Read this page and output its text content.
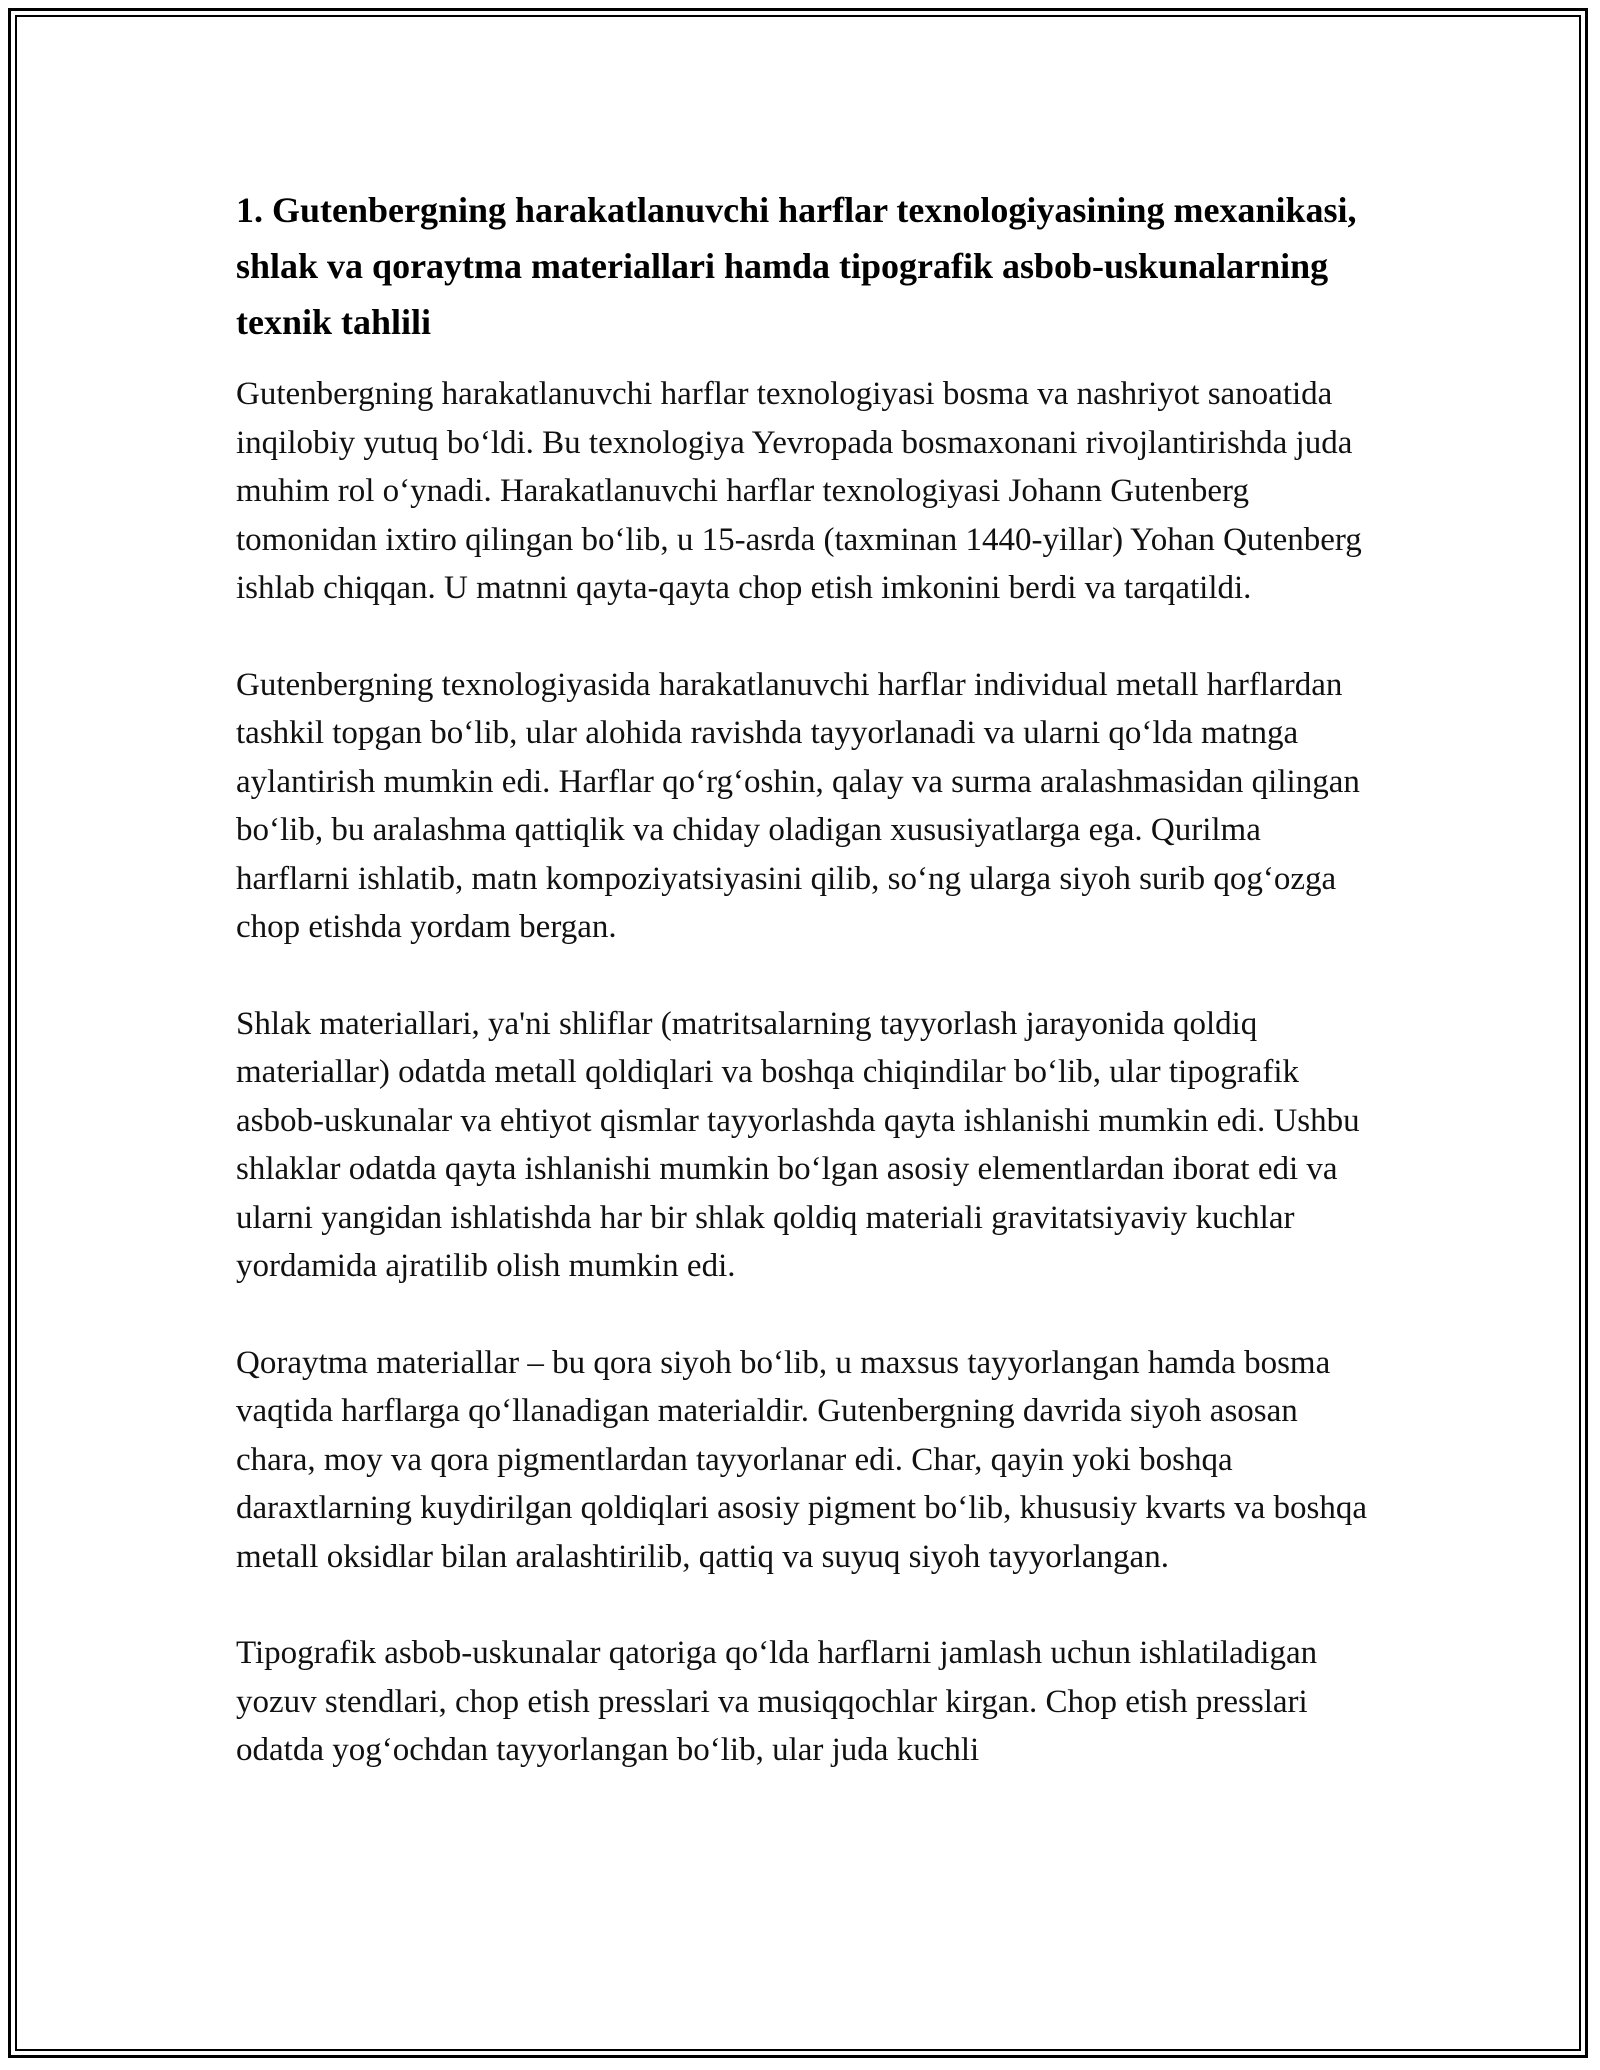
1. Gutenbergning harakatlanuvchi harflar texnologiyasining mexanikasi, shlak va qoraytma materiallari hamda tipografik asbob-uskunalarning texnik tahlili

Gutenbergning harakatlanuvchi harflar texnologiyasi bosma va nashriyot sanoatida inqilobiy yutuq bo‘ldi. Bu texnologiya Yevropada bosmaxonani rivojlantirishda juda muhim rol o‘ynadi. Harakatlanuvchi harflar texnologiyasi Johann Gutenberg tomonidan ixtiro qilingan bo‘lib, u 15-asrda (taxminan 1440-yillar) Yohan Qutenberg ishlab chiqqan. U matnni qayta-qayta chop etish imkonini berdi va tarqatildi.

Gutenbergning texnologiyasida harakatlanuvchi harflar individual metall harflardan tashkil topgan bo‘lib, ular alohida ravishda tayyorlanadi va ularni qo‘lda matnga aylantirish mumkin edi. Harflar qo‘rg‘oshin, qalay va surma aralashmasidan qilingan bo‘lib, bu aralashma qattiqlik va chiday oladigan xususiyatlarga ega. Qurilma harflarni ishlatib, matn kompoziyatsiyasini qilib, so‘ng ularga siyoh surib qog‘ozga chop etishda yordam bergan.

Shlak materiallari, ya'ni shliflar (matritsalarning tayyorlash jarayonida qoldiq materiallar) odatda metall qoldiqlari va boshqa chiqindilar bo‘lib, ular tipografik asbob-uskunalar va ehtiyot qismlar tayyorlashda qayta ishlanishi mumkin edi. Ushbu shlaklar odatda qayta ishlanishi mumkin bo‘lgan asosiy elementlardan iborat edi va ularni yangidan ishlatishda har bir shlak qoldiq materiali gravitatsiyaviy kuchlar yordamida ajratilib olish mumkin edi.

Qoraytma materiallar – bu qora siyoh bo‘lib, u maxsus tayyorlangan hamda bosma vaqtida harflarga qo‘llanadigan materialdir. Gutenbergning davrida siyoh asosan chara, moy va qora pigmentlardan tayyorlanar edi. Char, qayin yoki boshqa daraxtlarning kuydirilgan qoldiqlari asosiy pigment bo‘lib, khususiy kvarts va boshqa metall oksidlar bilan aralashtirilib, qattiq va suyuq siyoh tayyorlangan.

Tipografik asbob-uskunalar qatoriga qo‘lda harflarni jamlash uchun ishlatiladigan yozuv stendlari, chop etish presslari va musiqqochlar kirgan. Chop etish presslari odatda yog‘ochdan tayyorlangan bo‘lib, ular juda kuchli
